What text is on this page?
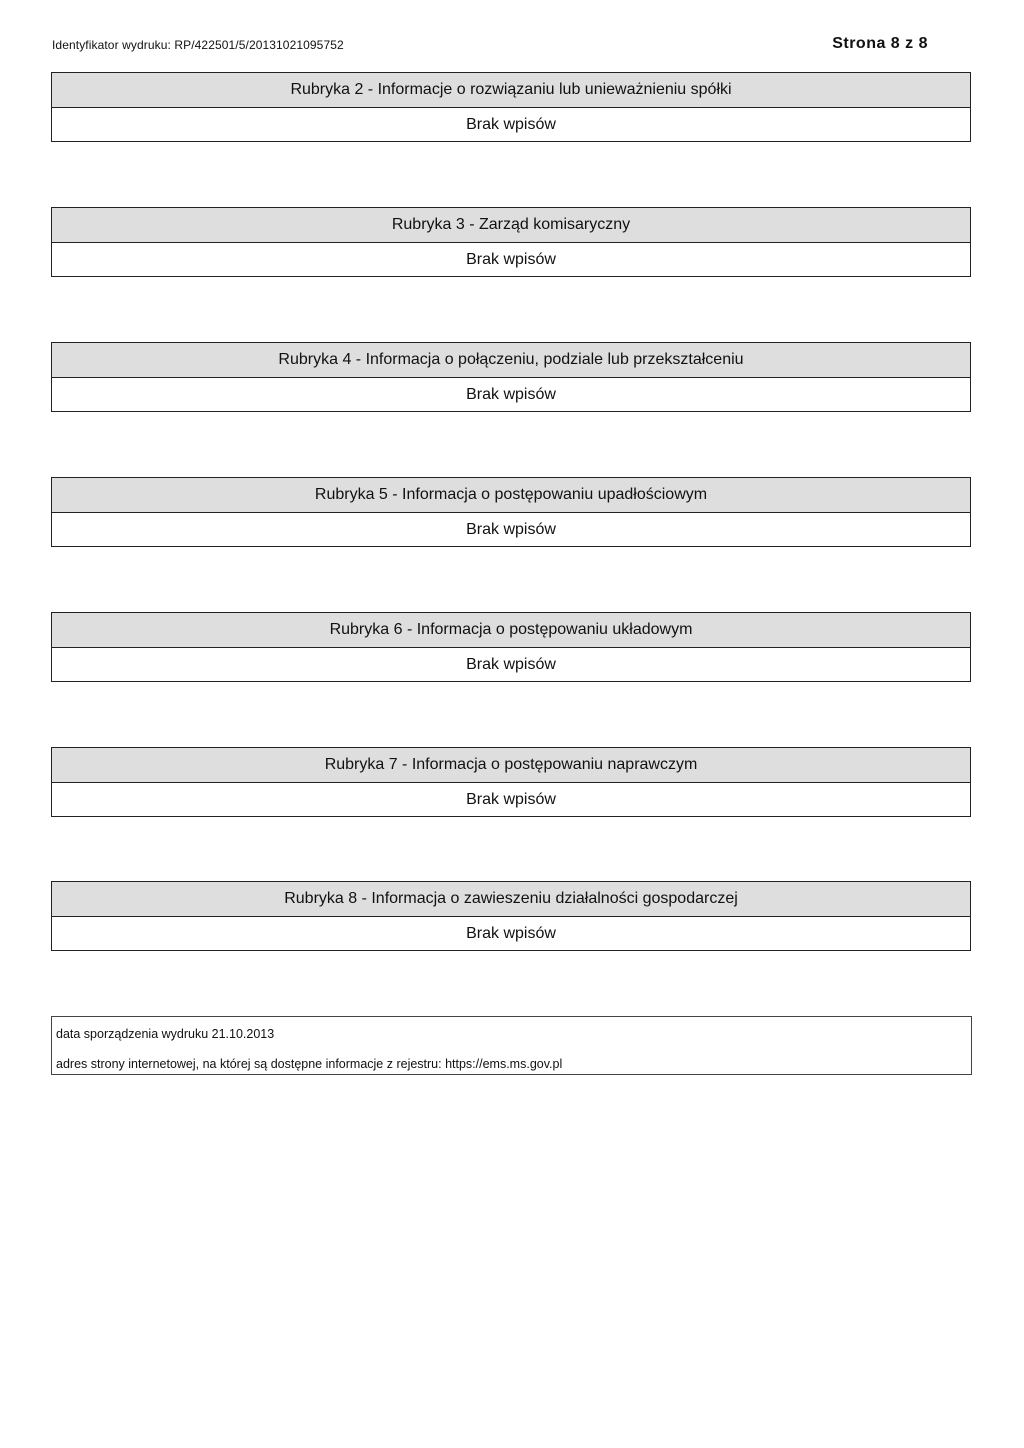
Identyfikator wydruku: RP/422501/5/20131021095752	Strona 8 z 8
Rubryka 2 - Informacje o rozwiązaniu lub unieważnieniu spółki
Brak wpisów
Rubryka 3 - Zarząd komisaryczny
Brak wpisów
Rubryka 4 - Informacja o połączeniu, podziale lub przekształceniu
Brak wpisów
Rubryka 5 - Informacja o postępowaniu upadłościowym
Brak wpisów
Rubryka 6 - Informacja o postępowaniu układowym
Brak wpisów
Rubryka 7 - Informacja o postępowaniu naprawczym
Brak wpisów
Rubryka 8 - Informacja o zawieszeniu działalności gospodarczej
Brak wpisów
data sporządzenia wydruku 21.10.2013
adres strony internetowej, na której są dostępne informacje z rejestru: https://ems.ms.gov.pl
